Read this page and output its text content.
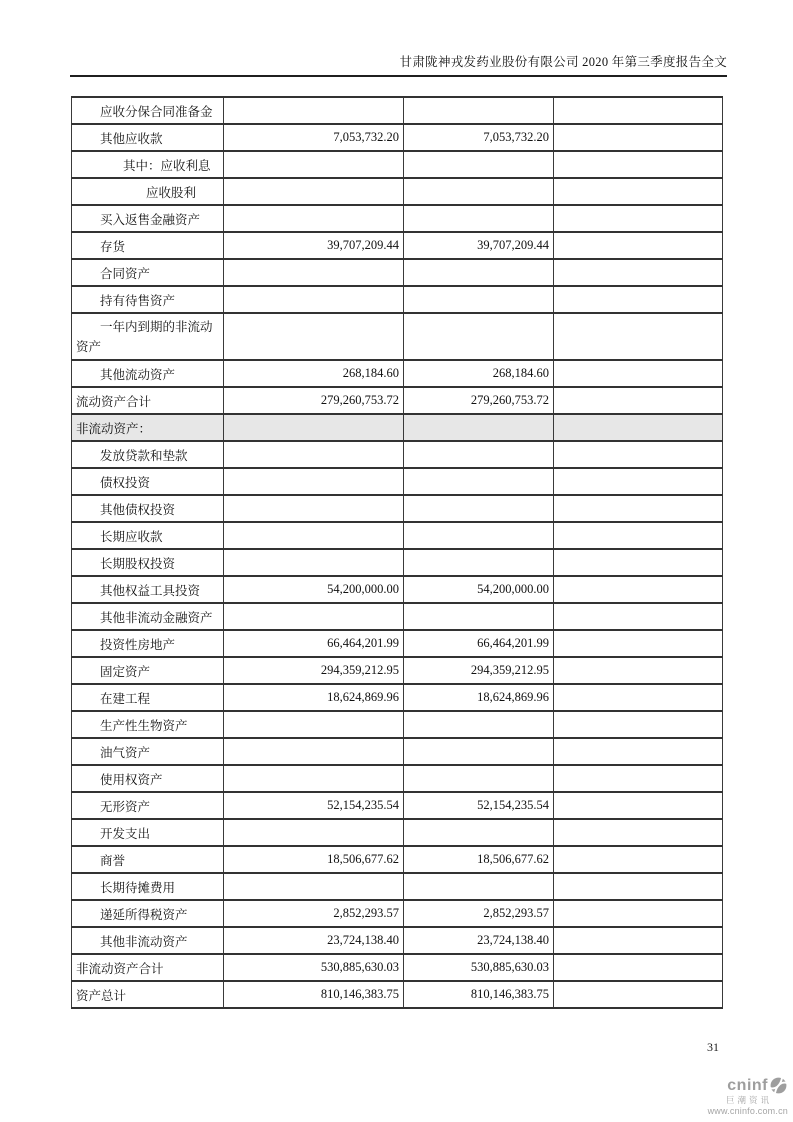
甘肃陇神戎发药业股份有限公司 2020 年第三季度报告全文
应收分保合同准备金			
其他应收款	7,053,732.20	7,053,732.20	
其中：应收利息			
应收股利			
买入返售金融资产			
存货	39,707,209.44	39,707,209.44	
合同资产			
持有待售资产			
一年内到期的非流动资产			
其他流动资产	268,184.60	268,184.60	
流动资产合计	279,260,753.72	279,260,753.72	
非流动资产：			
发放贷款和垫款			
债权投资			
其他债权投资			
长期应收款			
长期股权投资			
其他权益工具投资	54,200,000.00	54,200,000.00	
其他非流动金融资产			
投资性房地产	66,464,201.99	66,464,201.99	
固定资产	294,359,212.95	294,359,212.95	
在建工程	18,624,869.96	18,624,869.96	
生产性生物资产			
油气资产			
使用权资产			
无形资产	52,154,235.54	52,154,235.54	
开发支出			
商誉	18,506,677.62	18,506,677.62	
长期待摊费用			
递延所得税资产	2,852,293.57	2,852,293.57	
其他非流动资产	23,724,138.40	23,724,138.40	
非流动资产合计	530,885,630.03	530,885,630.03	
资产总计	810,146,383.75	810,146,383.75	
31
cninf
巨潮资讯
www.cninfo.com.cn
